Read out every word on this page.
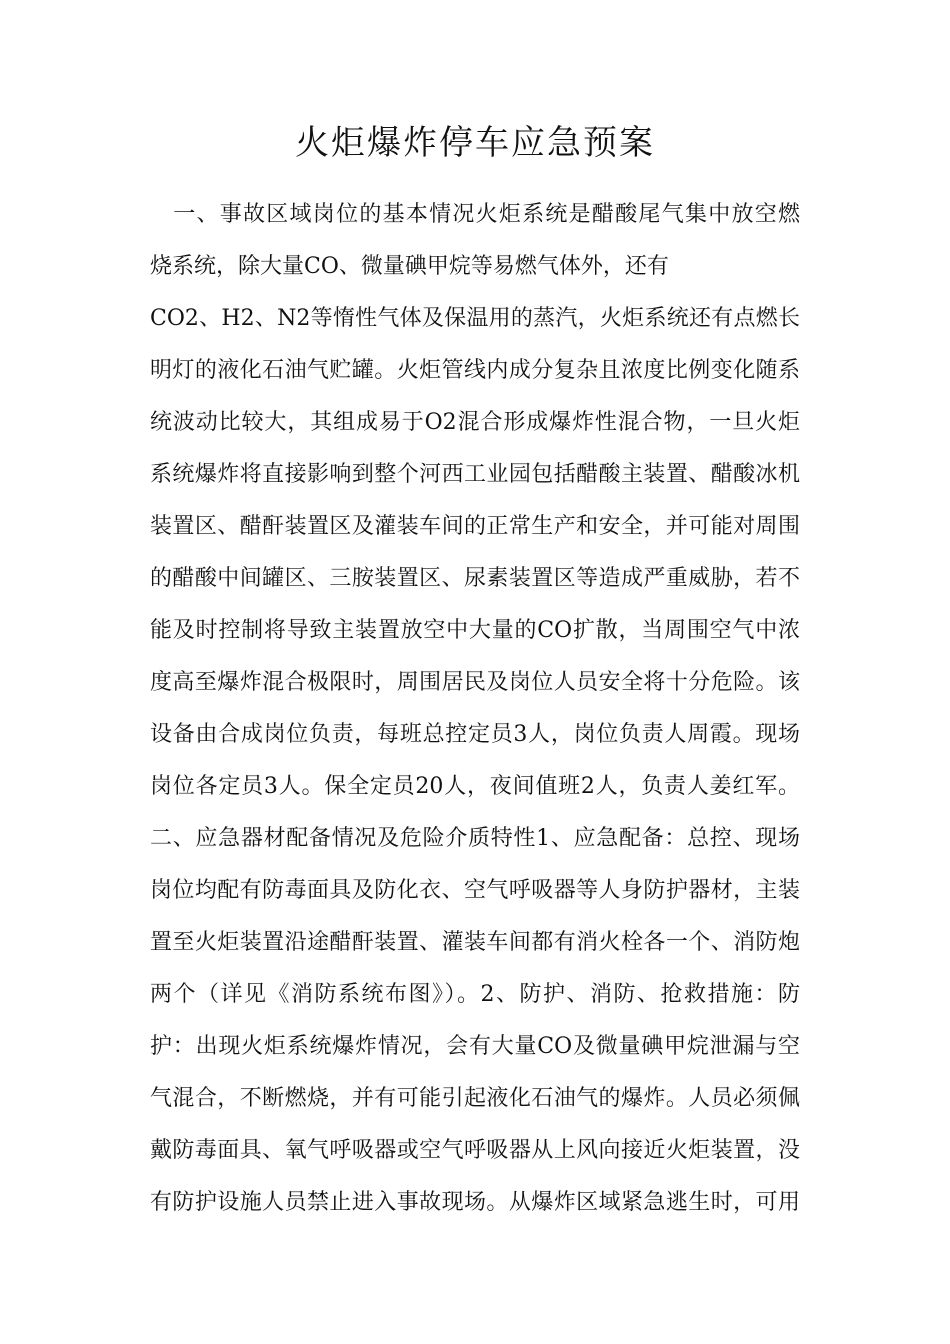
火炬爆炸停车应急预案
　一、事故区域岗位的基本情况火炬系统是醋酸尾气集中放空燃
烧系统，除大量CO、微量碘甲烷等易燃气体外，还有
CO2、H2、N2等惰性气体及保温用的蒸汽，火炬系统还有点燃长
明灯的液化石油气贮罐。火炬管线内成分复杂且浓度比例变化随系
统波动比较大，其组成易于O2混合形成爆炸性混合物，一旦火炬
系统爆炸将直接影响到整个河西工业园包括醋酸主装置、醋酸冰机
装置区、醋酐装置区及灌装车间的正常生产和安全，并可能对周围
的醋酸中间罐区、三胺装置区、尿素装置区等造成严重威胁，若不
能及时控制将导致主装置放空中大量的CO扩散，当周围空气中浓
度高至爆炸混合极限时，周围居民及岗位人员安全将十分危险。该
设备由合成岗位负责，每班总控定员3人，岗位负责人周霞。现场
岗位各定员3人。保全定员20人，夜间值班2人，负责人姜红军。
二、应急器材配备情况及危险介质特性1、应急配备：总控、现场
岗位均配有防毒面具及防化衣、空气呼吸器等人身防护器材，主装
置至火炬装置沿途醋酐装置、灌装车间都有消火栓各一个、消防炮
两个（详见《消防系统布图》）。2、防护、消防、抢救措施：防
护：出现火炬系统爆炸情况，会有大量CO及微量碘甲烷泄漏与空
气混合，不断燃烧，并有可能引起液化石油气的爆炸。人员必须佩
戴防毒面具、氧气呼吸器或空气呼吸器从上风向接近火炬装置，没
有防护设施人员禁止进入事故现场。从爆炸区域紧急逃生时，可用
